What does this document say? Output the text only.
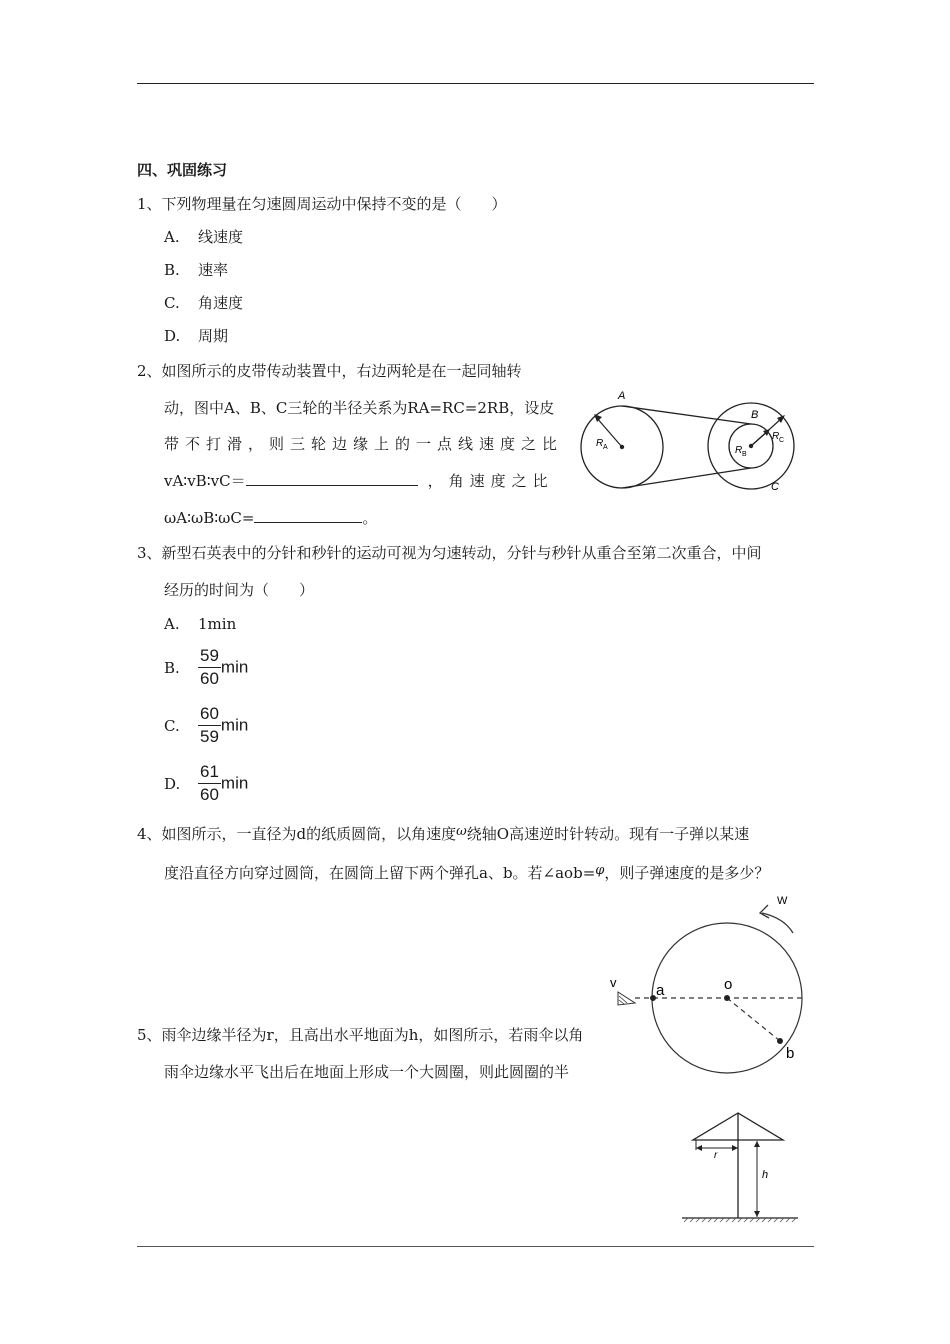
四、巩固练习
1、下列物理量在匀速圆周运动中保持不变的是（　　）
A. 线速度
B. 速率
C. 角速度
D. 周期
2、如图所示的皮带传动装置中，右边两轮是在一起同轴转
动，图中A、B、C三轮的半径关系为RA=RC=2RB，设皮
带不打滑，则三轮边缘上的一点线速度之比
vA∶vB∶vC＝	，角速度之比
ωA∶ωB∶ωC=	。
A
B
C
R A	R B
R C
3、新型石英表中的分针和秒针的运动可视为匀速转动，分针与秒针从重合至第二次重合，中间
经历的时间为（　　）
A. 1min
B. $\frac{59}{60}$ min
C. $\frac{60}{59}$ min
D. $\frac{61}{60}$ min
4、如图所示，一直径为d的纸质圆筒，以角速度ω绕轴O高速逆时针转动。现有一子弹以某速
度沿直径方向穿过圆筒，在圆筒上留下两个弹孔a、b。若∠aob=φ，则子弹速度的是多少？
5、雨伞边缘半径为r，且高出水平地面为h，如图所示，若雨伞以角
雨伞边缘水平飞出后在地面上形成一个大圆圈，则此圆圈的半
W
v	a	o
b
r
h
